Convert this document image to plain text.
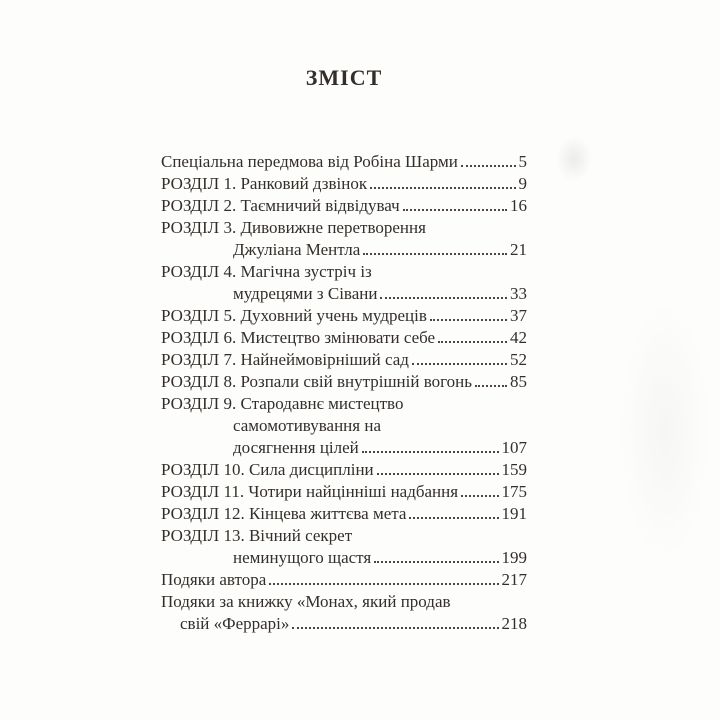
ЗМІСТ
Спеціальна передмова від Робіна Шарми	5
РОЗДІЛ 1. Ранковий дзвінок	9
РОЗДІЛ 2. Таємничий відвідувач	16
РОЗДІЛ 3. Дивовижне перетворення
Джуліана Ментла	21
РОЗДІЛ 4. Магічна зустріч із
мудрецями з Сівани	33
РОЗДІЛ 5. Духовний учень мудреців	37
РОЗДІЛ 6. Мистецтво змінювати себе	42
РОЗДІЛ 7. Найнеймовірніший сад	52
РОЗДІЛ 8. Розпали свій внутрішній вогонь 85
РОЗДІЛ 9. Стародавнє мистецтво
самомотивування на
досягнення цілей	107
РОЗДІЛ 10. Сила дисципліни	159
РОЗДІЛ 11. Чотири найцінніші надбання	175
РОЗДІЛ 12. Кінцева життєва мета	191
РОЗДІЛ 13. Вічний секрет
неминущого щастя	199
Подяки автора	217
Подяки за книжку «Монах, який продав
свій «Феррарі»	218
